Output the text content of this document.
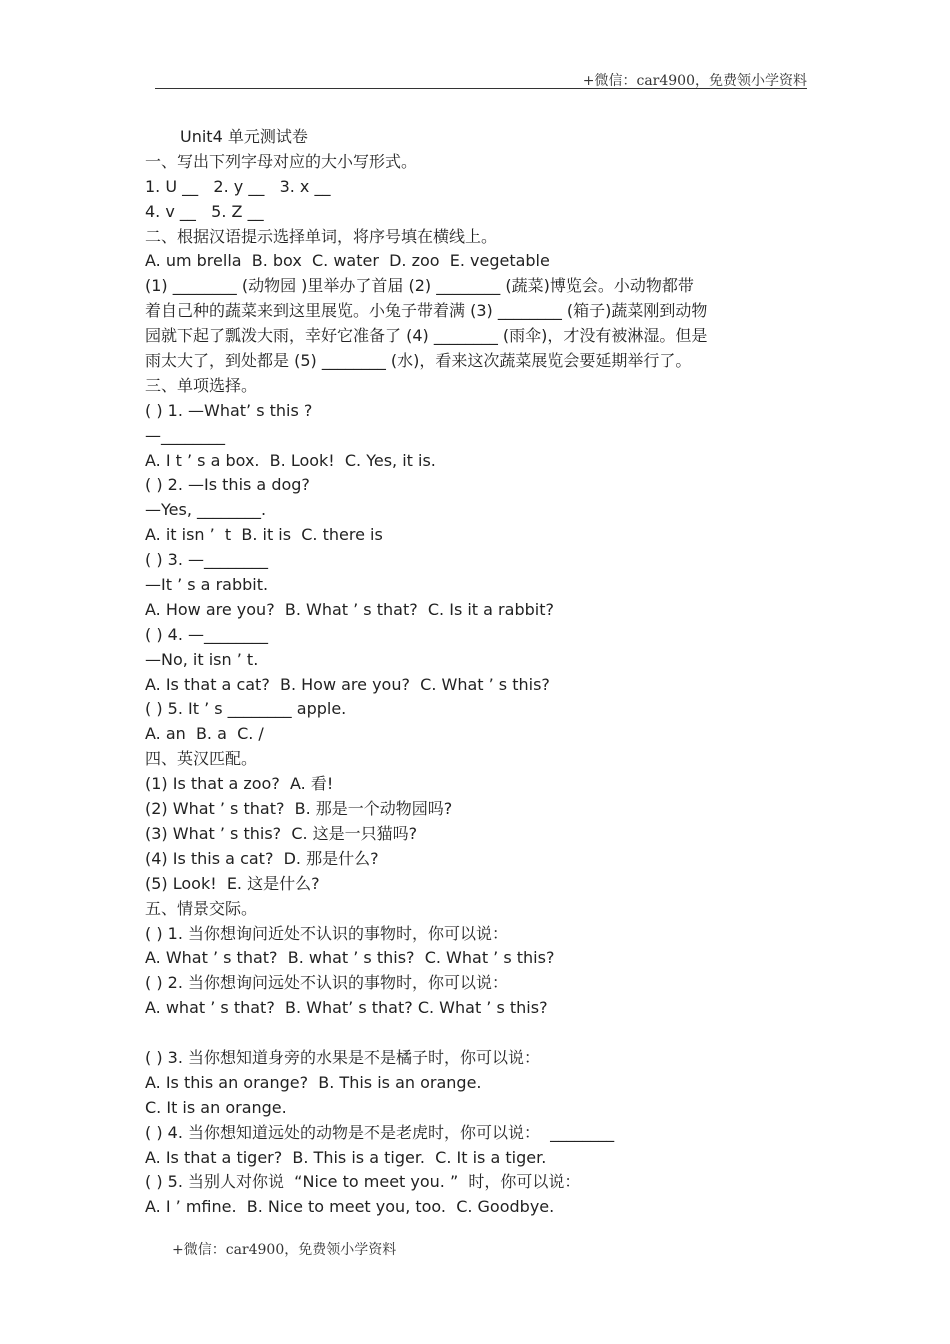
+微信：car4900，免费领小学资料
Unit4 单元测试卷
一、写出下列字母对应的大小写形式。
1. U __   2. y __   3. x __
4. v __   5. Z __
二、根据汉语提示选择单词，将序号填在横线上。
A. um brella  B. box  C. water  D. zoo  E. vegetable
(1) ________ (动物园 )里举办了首届 (2) ________ (蔬菜)博览会。小动物都带
着自己种的蔬菜来到这里展览。小兔子带着满 (3) ________ (箱子)蔬菜刚到动物
园就下起了瓢泼大雨，幸好它准备了 (4) ________ (雨伞)，才没有被淋湿。但是
雨太大了，到处都是 (5) ________ (水)，看来这次蔬菜展览会要延期举行了。
三、单项选择。
( ) 1. —What’ s this ?
—________
A. I t ’ s a box.  B. Look!  C. Yes, it is.
( ) 2. —Is this a dog?
—Yes, ________.
A. it isn ’  t  B. it is  C. there is
( ) 3. —________
—It ’ s a rabbit.
A. How are you?  B. What ’ s that?  C. Is it a rabbit?
( ) 4. —________
—No, it isn ’ t.
A. Is that a cat?  B. How are you?  C. What ’ s this?
( ) 5. It ’ s ________ apple.
A. an  B. a  C. /
四、英汉匹配。
(1) Is that a zoo?  A. 看!
(2) What ’ s that?  B. 那是一个动物园吗?
(3) What ’ s this?  C. 这是一只猫吗?
(4) Is this a cat?  D. 那是什么?
(5) Look!  E. 这是什么?
五、情景交际。
( ) 1. 当你想询问近处不认识的事物时，你可以说：
A. What ’ s that?  B. what ’ s this?  C. What ’ s this?
( ) 2. 当你想询问远处不认识的事物时，你可以说：
A. what ’ s that?  B. What’ s that? C. What ’ s this?
( ) 3. 当你想知道身旁的水果是不是橘子时，你可以说：
A. Is this an orange?  B. This is an orange.
C. It is an orange.
( ) 4. 当你想知道远处的动物是不是老虎时，你可以说：  ________
A. Is that a tiger?  B. This is a tiger.  C. It is a tiger.
( ) 5. 当别人对你说  “Nice to meet you. ”  时，你可以说：
A. I ’ mfine.  B. Nice to meet you, too.  C. Goodbye.
+微信：car4900，免费领小学资料
